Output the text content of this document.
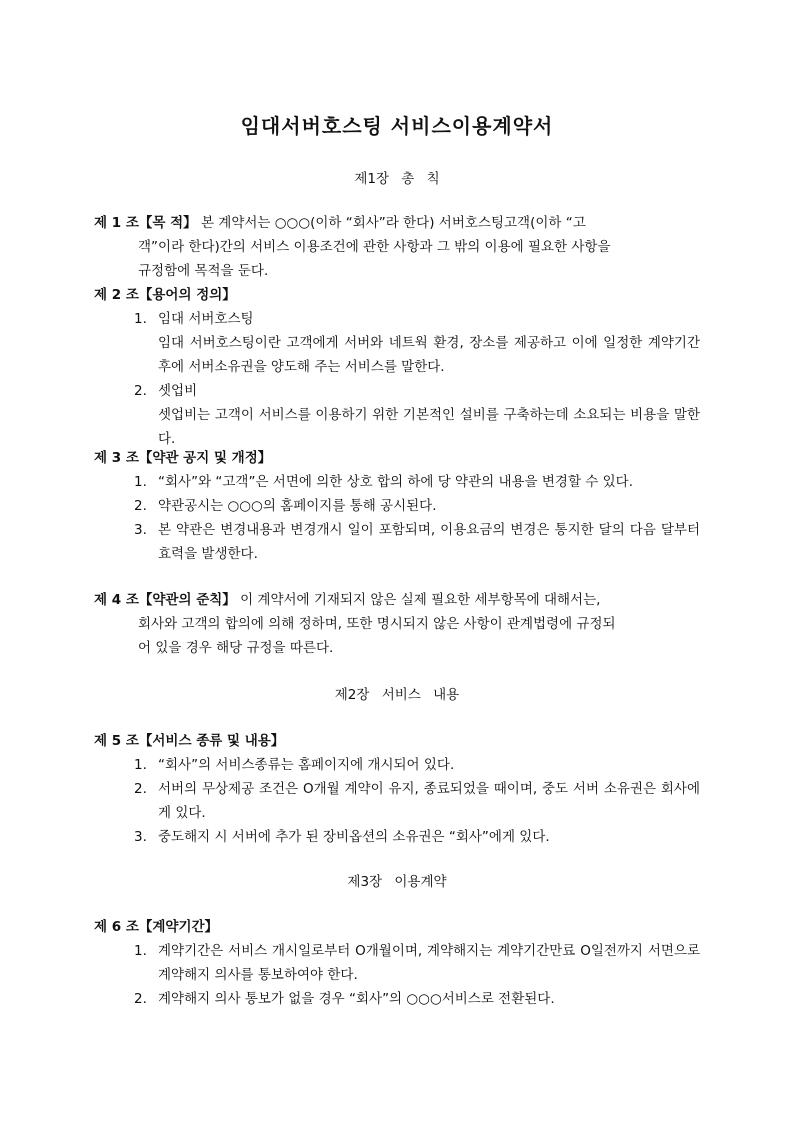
임대서버호스팅 서비스이용계약서

제1장 총 칙

제 1 조【목 적】 본 계약서는 ○○○(이하 “회사”라 한다) 서버호스팅고객(이하 “고
객”이라 한다)간의 서비스 이용조건에 관한 사항과 그 밖의 이용에 필요한 사항을
규정함에 목적을 둔다.
제 2 조【용어의 정의】
1. 임대 서버호스팅
임대 서버호스팅이란 고객에게 서버와 네트웍 환경, 장소를 제공하고 이에 일정한 계약기간 후에 서버소유권을 양도해 주는 서비스를 말한다.
2. 셋업비
셋업비는 고객이 서비스를 이용하기 위한 기본적인 설비를 구축하는데 소요되는 비용을 말한다.
제 3 조【약관 공지 및 개정】
1. “회사”와 “고객”은 서면에 의한 상호 합의 하에 당 약관의 내용을 변경할 수 있다.
2. 약관공시는 ○○○의 홈페이지를 통해 공시된다.
3. 본 약관은 변경내용과 변경개시 일이 포함되며, 이용요금의 변경은 통지한 달의 다음 달부터 효력을 발생한다.
제 4 조【약관의 준칙】 이 계약서에 기재되지 않은 실제 필요한 세부항목에 대해서는,
회사와 고객의 합의에 의해 정하며, 또한 명시되지 않은 사항이 관계법령에 규정되
어 있을 경우 해당 규정을 따른다.

제2장 서비스 내용

제 5 조【서비스 종류 및 내용】
1. “회사”의 서비스종류는 홈페이지에 개시되어 있다.
2. 서버의 무상제공 조건은 O개월 계약이 유지, 종료되었을 때이며, 중도 서버 소유권은 회사에게 있다.
3. 중도해지 시 서버에 추가 된 장비옵션의 소유권은 “회사”에게 있다.

제3장 이용계약

제 6 조【계약기간】
1. 계약기간은 서비스 개시일로부터 O개월이며, 계약해지는 계약기간만료 O일전까지 서면으로 계약해지 의사를 통보하여야 한다.
2. 계약해지 의사 통보가 없을 경우 “회사”의 ○○○서비스로 전환된다.
